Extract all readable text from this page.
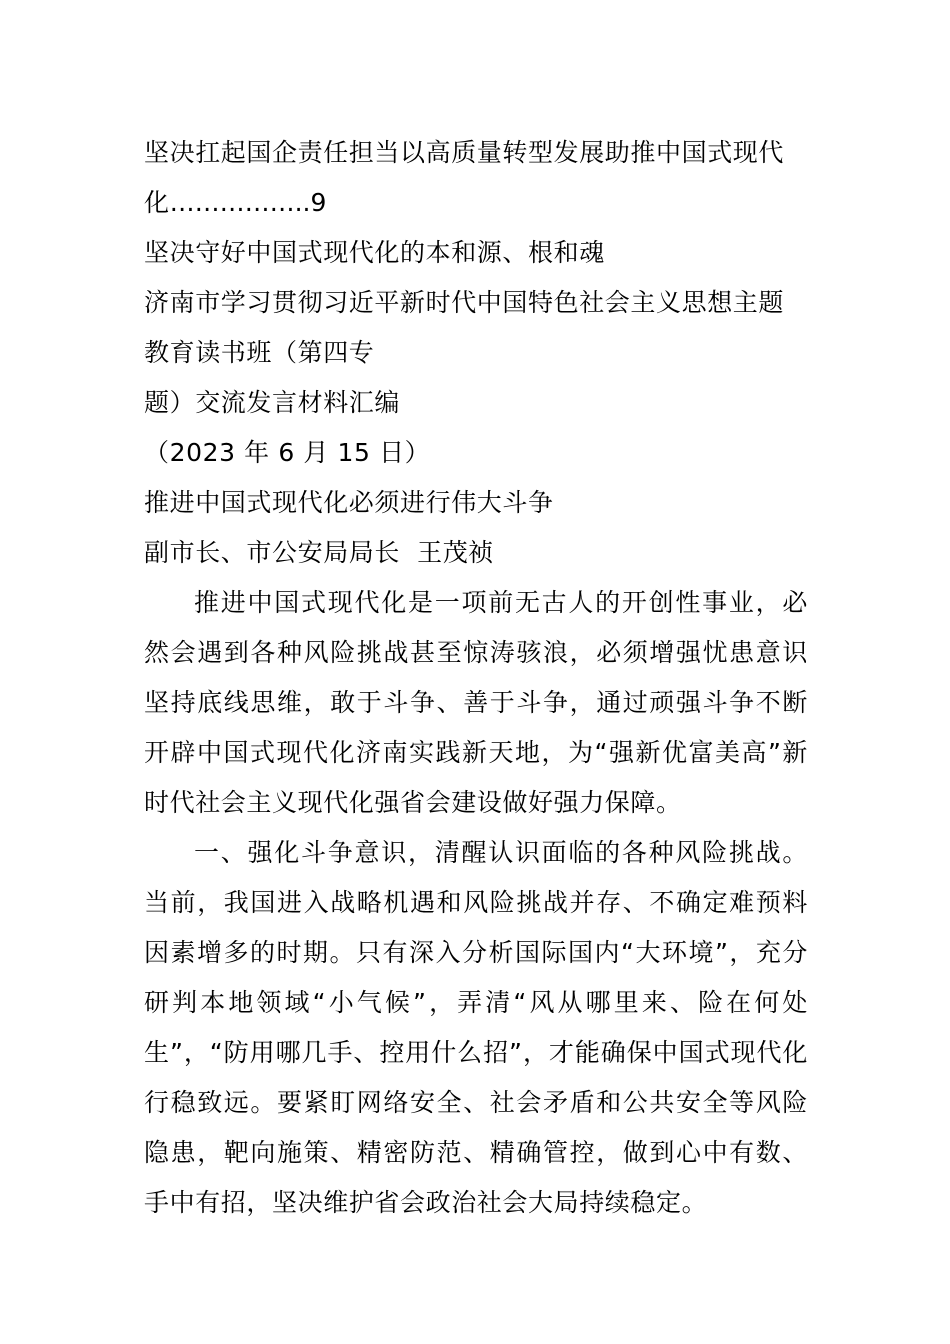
坚决扛起国企责任担当以高质量转型发展助推中国式现代
化……………..9
坚决守好中国式现代化的本和源、根和魂
济南市学习贯彻习近平新时代中国特色社会主义思想主题
教育读书班（第四专
题）交流发言材料汇编
（2023 年 6 月 15 日）
推进中国式现代化必须进行伟大斗争
副市长、市公安局局长  王茂祯

推进中国式现代化是一项前无古人的开创性事业，必然会遇到各种风险挑战甚至惊涛骇浪，必须增强忧患意识坚持底线思维，敢于斗争、善于斗争，通过顽强斗争不断开辟中国式现代化济南实践新天地，为“强新优富美高”新时代社会主义现代化强省会建设做好强力保障。

一、强化斗争意识，清醒认识面临的各种风险挑战。当前，我国进入战略机遇和风险挑战并存、不确定难预料因素增多的时期。只有深入分析国际国内“大环境”，充分研判本地领域“小气候”，弄清“风从哪里来、险在何处生”，“防用哪几手、控用什么招”，才能确保中国式现代化行稳致远。要紧盯网络安全、社会矛盾和公共安全等风险隐患，靶向施策、精密防范、精确管控，做到心中有数、手中有招，坚决维护省会政治社会大局持续稳定。
